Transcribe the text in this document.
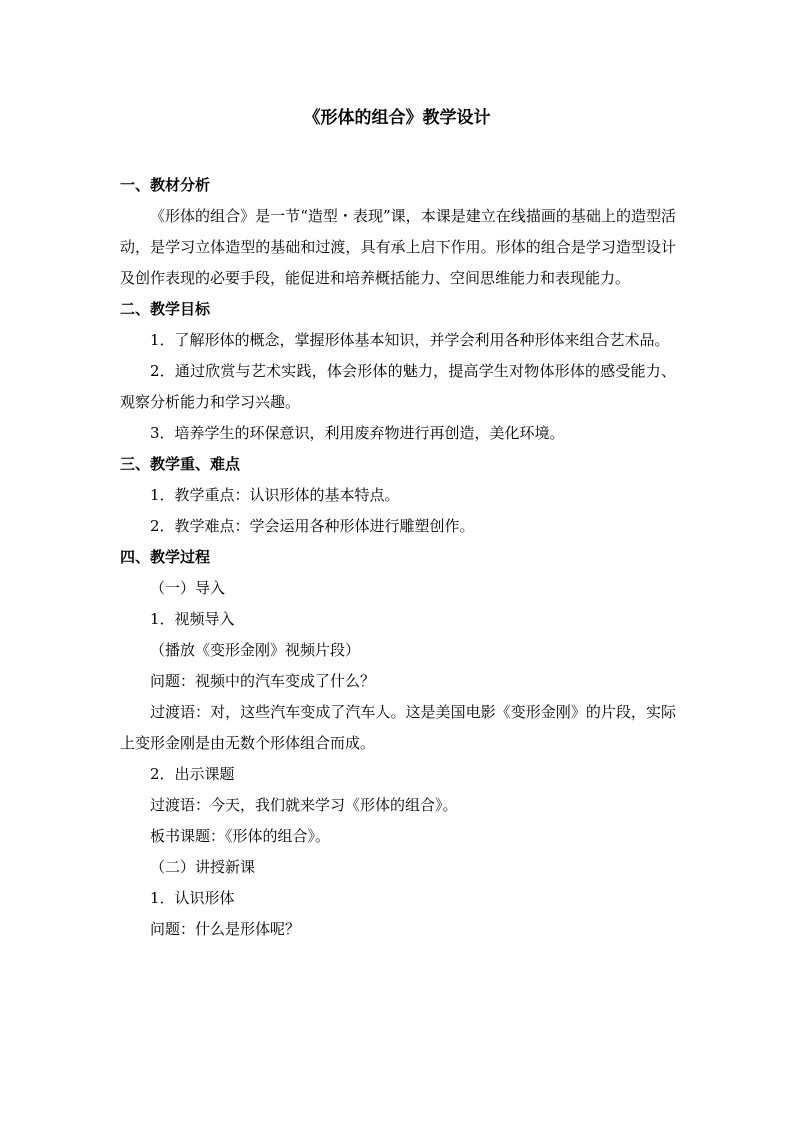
《形体的组合》教学设计

一、教材分析

《形体的组合》是一节“造型・表现”课，本课是建立在线描画的基础上的造型活动，是学习立体造型的基础和过渡，具有承上启下作用。形体的组合是学习造型设计及创作表现的必要手段，能促进和培养概括能力、空间思维能力和表现能力。

二、教学目标

1．了解形体的概念，掌握形体基本知识，并学会利用各种形体来组合艺术品。

2．通过欣赏与艺术实践，体会形体的魅力，提高学生对物体形体的感受能力、观察分析能力和学习兴趣。

3．培养学生的环保意识，利用废弃物进行再创造，美化环境。

三、教学重、难点

1．教学重点：认识形体的基本特点。

2．教学难点：学会运用各种形体进行雕塑创作。

四、教学过程

（一）导入

1．视频导入

（播放《变形金刚》视频片段）

问题：视频中的汽车变成了什么？

过渡语：对，这些汽车变成了汽车人。这是美国电影《变形金刚》的片段，实际上变形金刚是由无数个形体组合而成。

2．出示课题

过渡语：今天，我们就来学习《形体的组合》。

板书课题：《形体的组合》。

（二）讲授新课

1．认识形体

问题：什么是形体呢？
